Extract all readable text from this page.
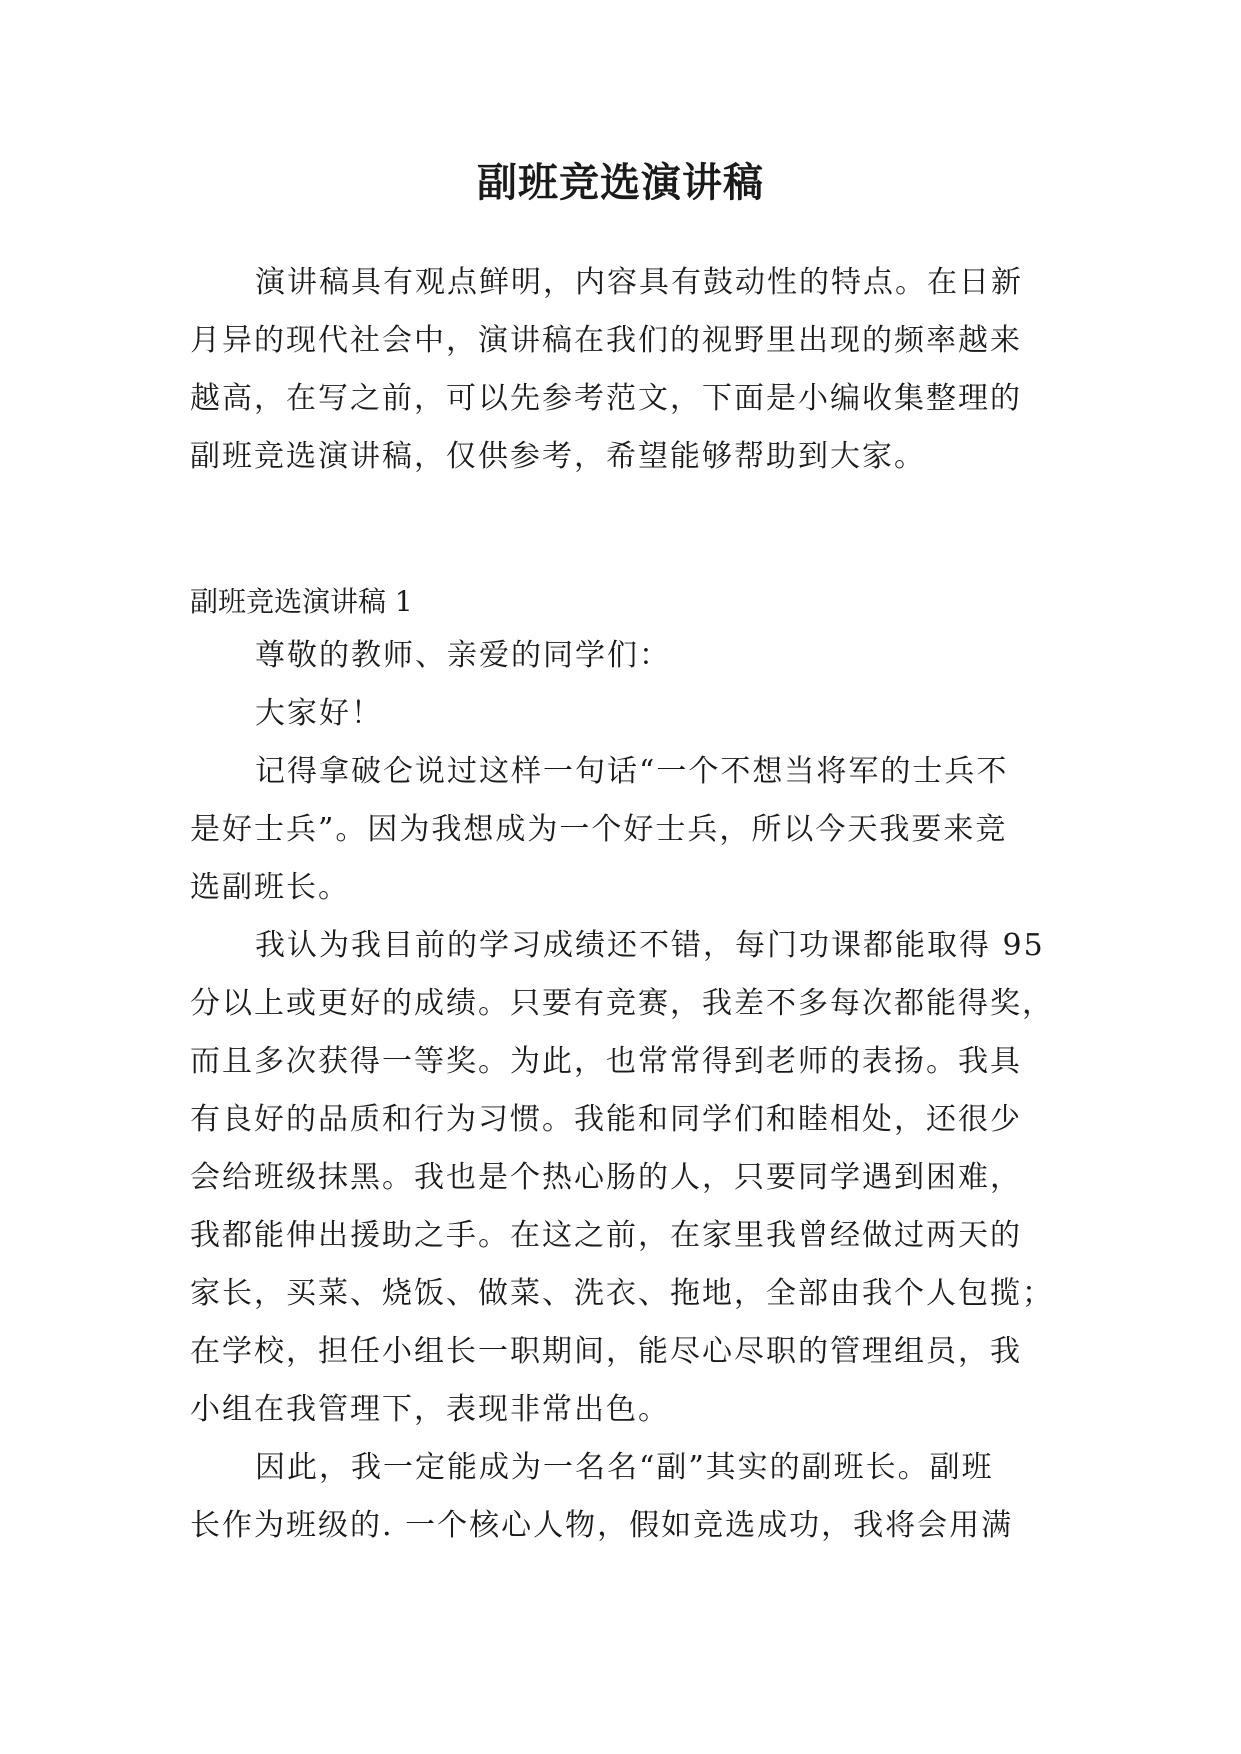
副班竞选演讲稿
演讲稿具有观点鲜明，内容具有鼓动性的特点。在日新
月异的现代社会中，演讲稿在我们的视野里出现的频率越来
越高，在写之前，可以先参考范文，下面是小编收集整理的
副班竞选演讲稿，仅供参考，希望能够帮助到大家。
副班竞选演讲稿 1
尊敬的教师、亲爱的同学们：
大家好！
记得拿破仑说过这样一句话“一个不想当将军的士兵不
是好士兵”。因为我想成为一个好士兵，所以今天我要来竞
选副班长。
我认为我目前的学习成绩还不错，每门功课都能取得 95
分以上或更好的成绩。只要有竞赛，我差不多每次都能得奖，
而且多次获得一等奖。为此，也常常得到老师的表扬。我具
有良好的品质和行为习惯。我能和同学们和睦相处，还很少
会给班级抹黑。我也是个热心肠的人，只要同学遇到困难，
我都能伸出援助之手。在这之前，在家里我曾经做过两天的
家长，买菜、烧饭、做菜、洗衣、拖地，全部由我个人包揽；
在学校，担任小组长一职期间，能尽心尽职的管理组员，我
小组在我管理下，表现非常出色。
因此，我一定能成为一名名“副”其实的副班长。副班
长作为班级的. 一个核心人物，假如竞选成功，我将会用满
